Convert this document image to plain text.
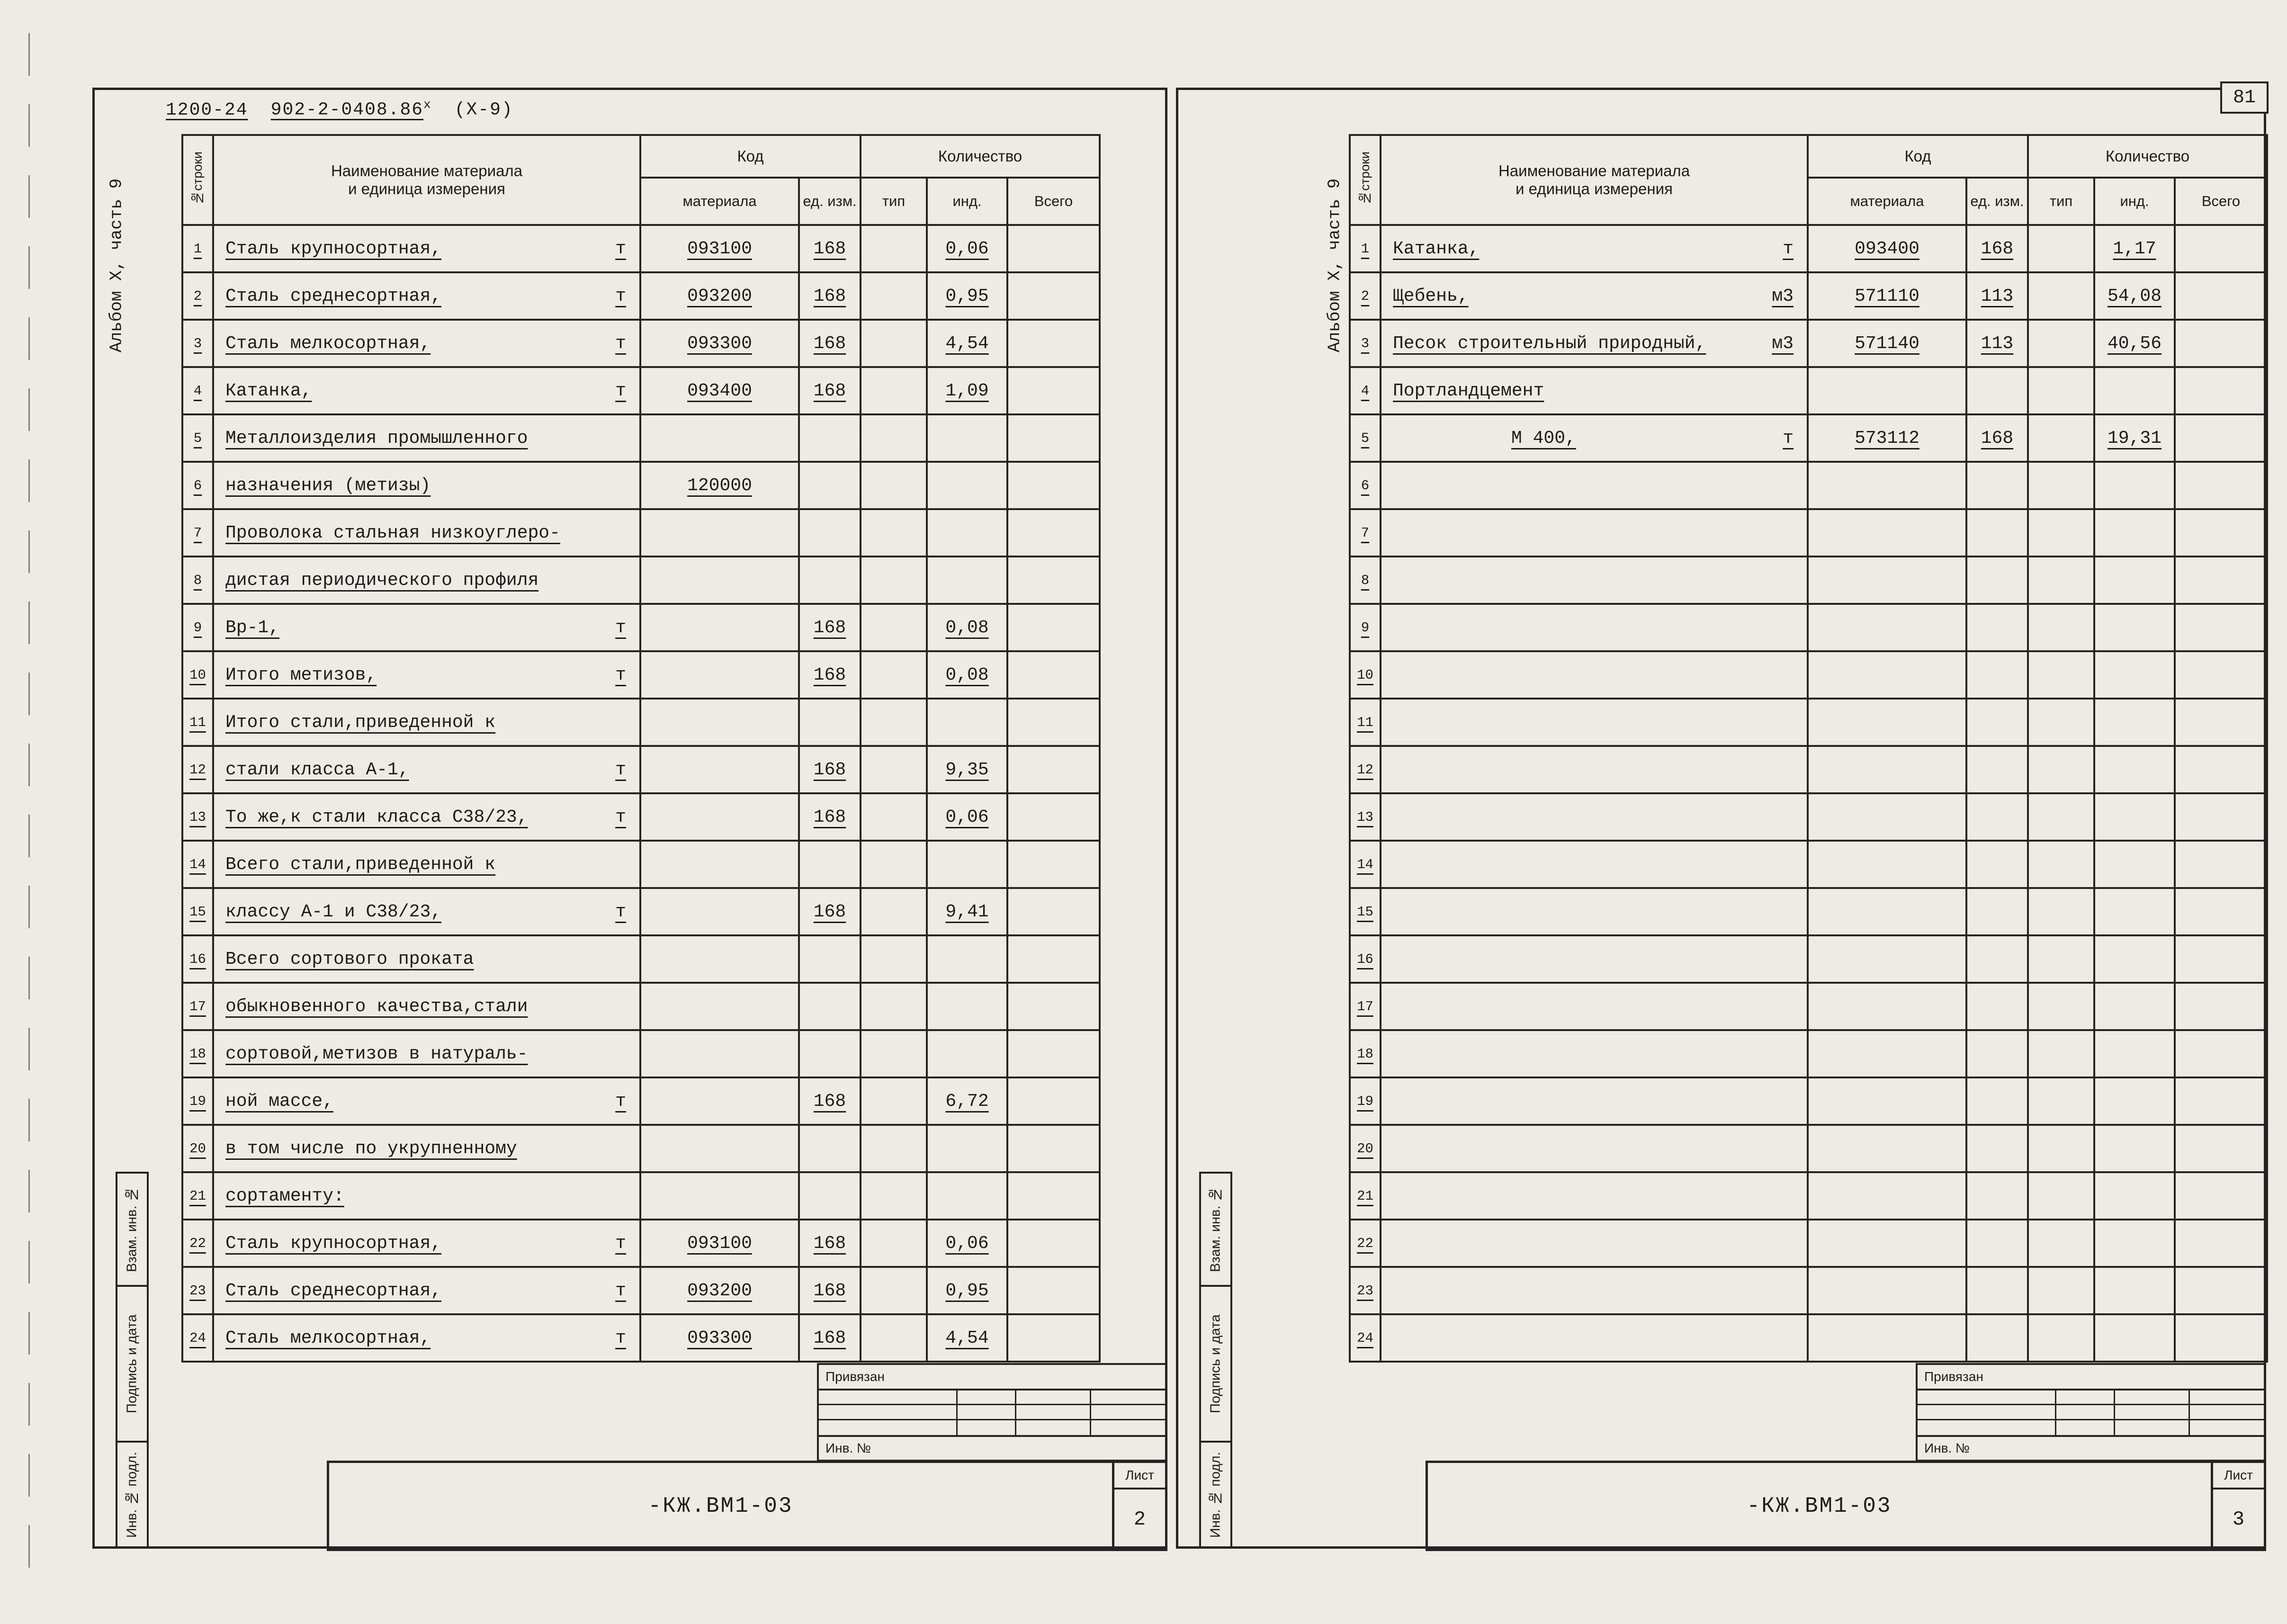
1200-24 $902-2-0408.86^х$ (Х-9)
Альбом Х, часть 9
Взам. инв. №
Подпись и дата
Инв. № подл.
№строки	Наименование материала
и единица измерения	Код		Количество		
		материала	ед. изм.	тип	инд.	Всего
1	Сталь крупносортная, т	093100	168		0,06	
2	Сталь среднесортная, т	093200	168		0,95	
3	Сталь мелкосортная, т	093300	168		4,54	
4	Катанка, т	093400	168		1,09	
5	Металлоизделия промышленного					

6	назначения (метизы)	120000				
7	Проволока стальная низкоуглеро-					

8	дистая периодического профиля					

9	Вр-1, т		168		0,08	
10	Итого метизов, т		168		0,08	
11	Итого стали,приведенной к					

12	стали класса А-1, т		168		9,35	
13	То же,к стали класса С38/23, т		168		0,06	
14	Всего стали,приведенной к					

15	классу А-1 и С38/23, т		168		9,41	
16	Всего сортового проката					

17	обыкновенного качества,стали					

18	сортовой,метизов в натураль-					

19	ной массе, т		168		6,72	
20	в том числе по укрупненному					

21	сортаменту:					

22	Сталь крупносортная, т	093100	168		0,06	
23	Сталь среднесортная, т	093200	168		0,95	
24	Сталь мелкосортная, т	093300	168		4,54	
Привязан
Инв. №
-КЖ.ВМ1-03
Лист
2
Альбом Х, часть 9
Взам. инв. №
Подпись и дата
Инв. № подл.
№строки	Наименование материала
и единица измерения	Код		Количество		
		материала	ед. изм.	тип	инд.	Всего
1	Катанка, т	093400	168		1,17	
2	Щебень, м3	571110	113		54,08	
3	Песок строительный природный, м3	571140	113		40,56	
4	Портландцемент					

5	М 400, т	573112	168		19,31	
6	

7	

8	

9	

10	

11	

12	

13	

14	

15	

16	

17	

18	

19	

20	

21	

22	

23	

24	

Привязан
Инв. №
-КЖ.ВМ1-03
Лист
3
81
